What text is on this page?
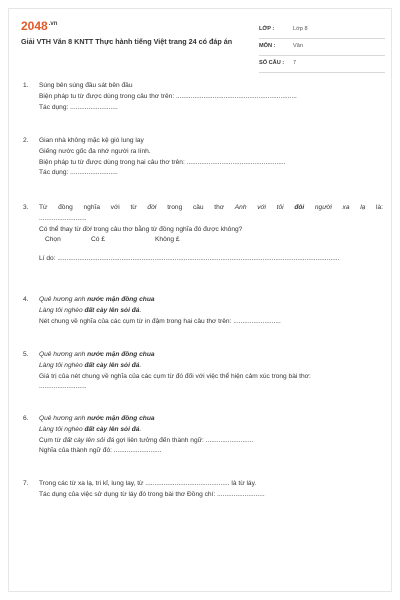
$2048^{.vn}$
Giải VTH Văn 8 KNTT Thực hành tiếng Việt trang 24 có đáp án
LỚP :	Lớp 8
MÔN :	Văn
SỐ CÂU : 7
1.	Súng bên súng đầu sát bên đầu
Biện pháp tu từ được dùng trong câu thơ trên: ..................................................................
Tác dụng: ..........................
2.	Gian nhà không mặc kệ gió lung lay
Giếng nước gốc đa nhớ người ra lính.
Biện pháp tu từ được dùng trong hai câu thơ trên: ......................................................
Tác dụng: ..........................
3.	Từ đồng nghĩa với từ đời trong câu thơ Anh với tôi đôi người xa lạ là:
..........................
Có thể thay từ đời trong câu thơ bằng từ đồng nghĩa đó được không?
Chọn	Có £	Không £
Lí do: ..........................................................................................................................................................
4.	Quê hương anh nước mặn đồng chua
Làng tôi nghèo đất cày lên sỏi đá.
Nét chung về nghĩa của các cụm từ in đậm trong hai câu thơ trên: ..........................
5.	Quê hương anh nước mặn đồng chua
Làng tôi nghèo đất cày lên sỏi đá.
Giá trị của nét chung về nghĩa của các cụm từ đó đối với việc thể hiện cảm xúc trong bài thơ:
..........................
6.	Quê hương anh nước mặn đồng chua
Làng tôi nghèo đất cày lên sỏi đá.
Cụm từ đất cày lên sỏi đá gợi liên tưởng đến thành ngữ: ..........................
Nghĩa của thành ngữ đó: ..........................
7.	Trong các từ xa lạ, tri kỉ, lung lay, từ .............................................. là từ láy.
Tác dụng của việc sử dụng từ láy đó trong bài thơ Đồng chí: ..........................
